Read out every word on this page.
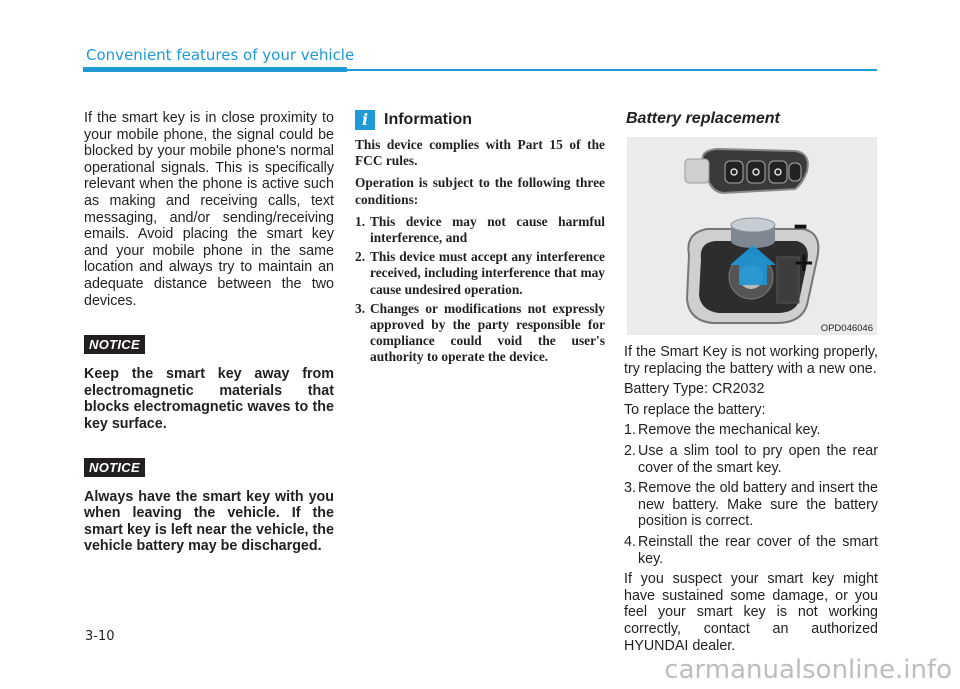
Convenient features of your vehicle

If the smart key is in close proximity to your mobile phone, the signal could be blocked by your mobile phone's normal operational signals. This is specifically relevant when the phone is active such as making and receiving calls, text messaging, and/or sending/receiving emails. Avoid placing the smart key and your mobile phone in the same location and always try to maintain an adequate distance between the two devices.

NOTICE

Keep the smart key away from electromagnetic materials that blocks electromagnetic waves to the key surface.

NOTICE

Always have the smart key with you when leaving the vehicle. If the smart key is left near the vehicle, the vehicle battery may be discharged.

i Information

This device complies with Part 15 of the FCC rules.

Operation is subject to the following three conditions:

1. This device may not cause harmful interference, and
2. This device must accept any interference received, including interference that may cause undesired operation.
3. Changes or modifications not expressly approved by the party responsible for compliance could void the user's authority to operate the device.
Battery replacement
–
+
OPD046046

If the Smart Key is not working properly, try replacing the battery with a new one.

Battery Type: CR2032

To replace the battery:

1. Remove the mechanical key.
2. Use a slim tool to pry open the rear cover of the smart key.
3. Remove the old battery and insert the new battery. Make sure the battery position is correct.
4. Reinstall the rear cover of the smart key.

If you suspect your smart key might have sustained some damage, or you feel your smart key is not working correctly, contact an authorized HYUNDAI dealer.

3-10
carmanualsonline.info
